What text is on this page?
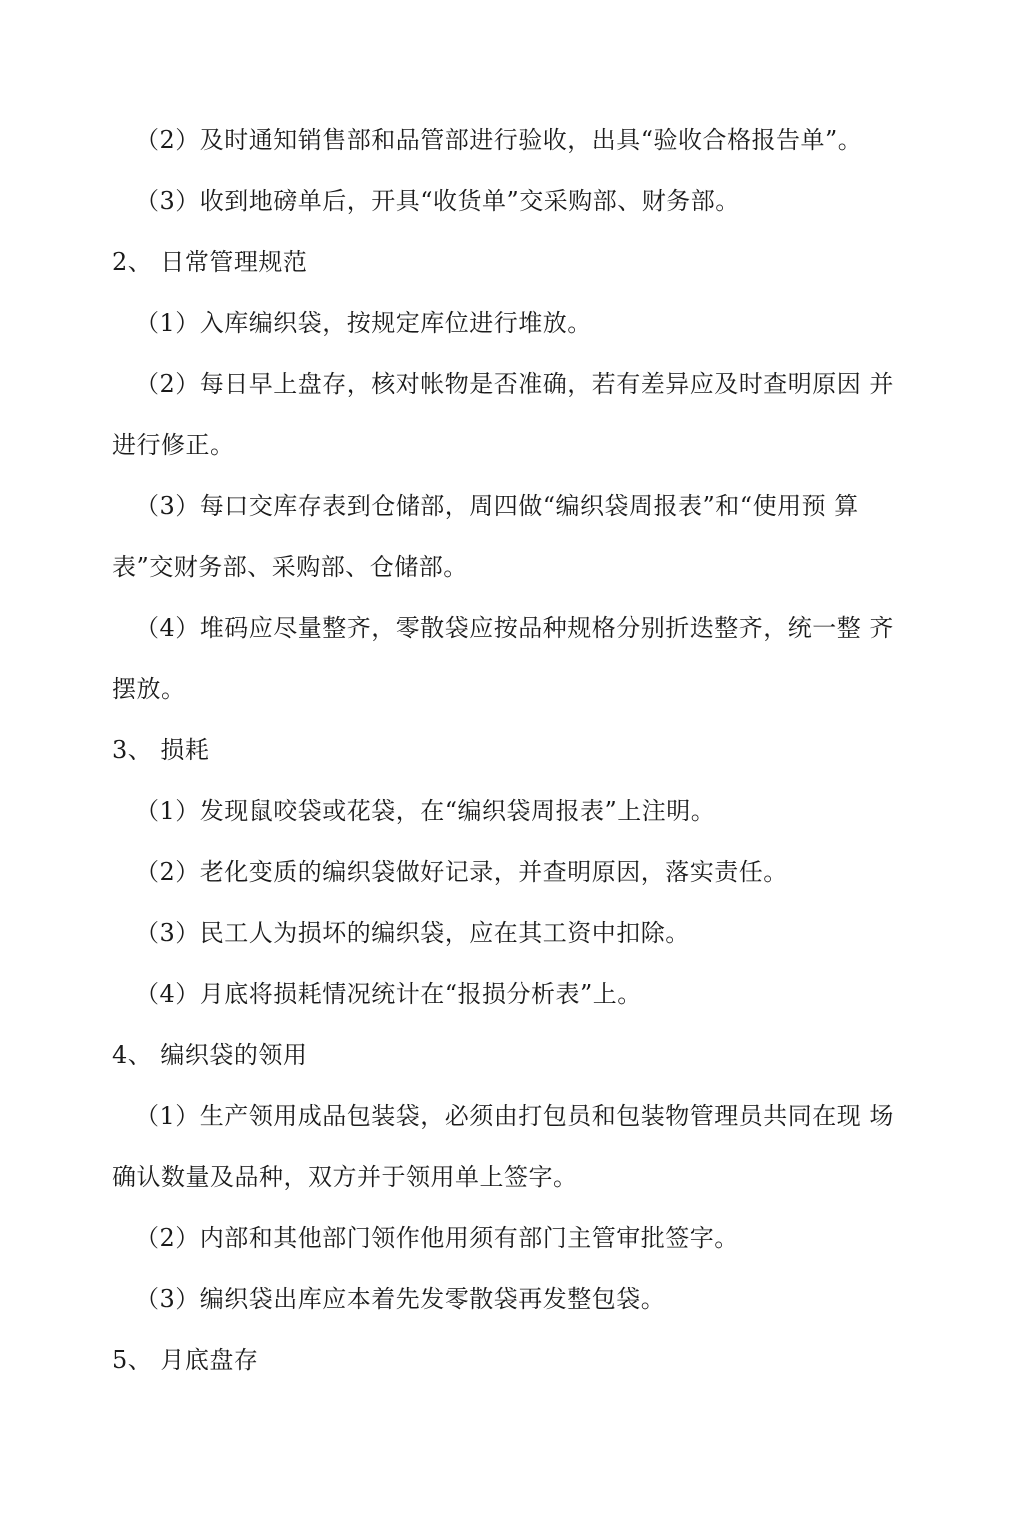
（2）及时通知销售部和品管部进行验收，出具“验收合格报告单”。
（3）收到地磅单后，开具“收货单”交采购部、财务部。
2、 日常管理规范
（1）入库编织袋，按规定库位进行堆放。
（2）每日早上盘存，核对帐物是否准确，若有差异应及时查明原因 并
进行修正。
（3）每口交库存表到仓储部，周四做“编织袋周报表”和“使用预 算
表”交财务部、采购部、仓储部。
（4）堆码应尽量整齐，零散袋应按品种规格分别折迭整齐，统一整 齐
摆放。
3、 损耗
（1）发现鼠咬袋或花袋，在“编织袋周报表”上注明。
（2）老化变质的编织袋做好记录，并查明原因，落实责任。
（3）民工人为损坏的编织袋，应在其工资中扣除。
（4）月底将损耗情况统计在“报损分析表”上。
4、 编织袋的领用
（1）生产领用成品包装袋，必须由打包员和包装物管理员共同在现 场
确认数量及品种，双方并于领用单上签字。
（2）内部和其他部门领作他用须有部门主管审批签字。
（3）编织袋出库应本着先发零散袋再发整包袋。
5、 月底盘存
